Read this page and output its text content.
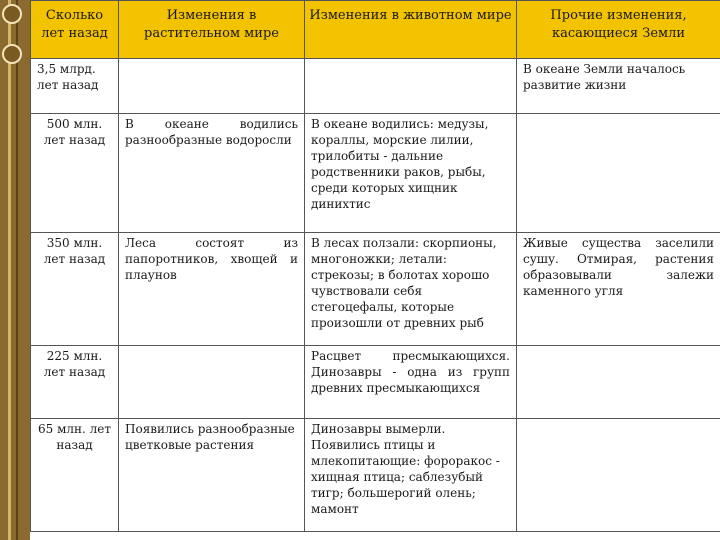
Сколько лет назад	Изменения в растительном мире	Изменения в животном мире	Прочие изменения, касающиеся Земли
3,5 млрд. лет назад			В океане Земли началось развитие жизни
500 млн. лет назад	В океане водились разнообразные водоросли	В океане водились: медузы, кораллы, морские лилии, трилобиты - дальние родственники раков, рыбы, среди которых хищник динихтис	
350 млн. лет назад	Леса состоят из папоротников, хвощей и плаунов	В лесах ползали: скорпионы, многоножки; летали: стрекозы; в болотах хорошо чувствовали себя стегоцефалы, которые произошли от древних рыб	Живые существа заселили сушу. Отмирая, растения образовывали залежи каменного угля
225 млн. лет назад		Расцвет пресмыкающихся. Динозавры - одна из групп древних пресмыкающихся	
65 млн. лет назад	Появились разнообразные цветковые растения	Динозавры вымерли. Появились птицы и млекопитающие: фороракос - хищная птица; саблезубый тигр; большерогий олень; мамонт	
